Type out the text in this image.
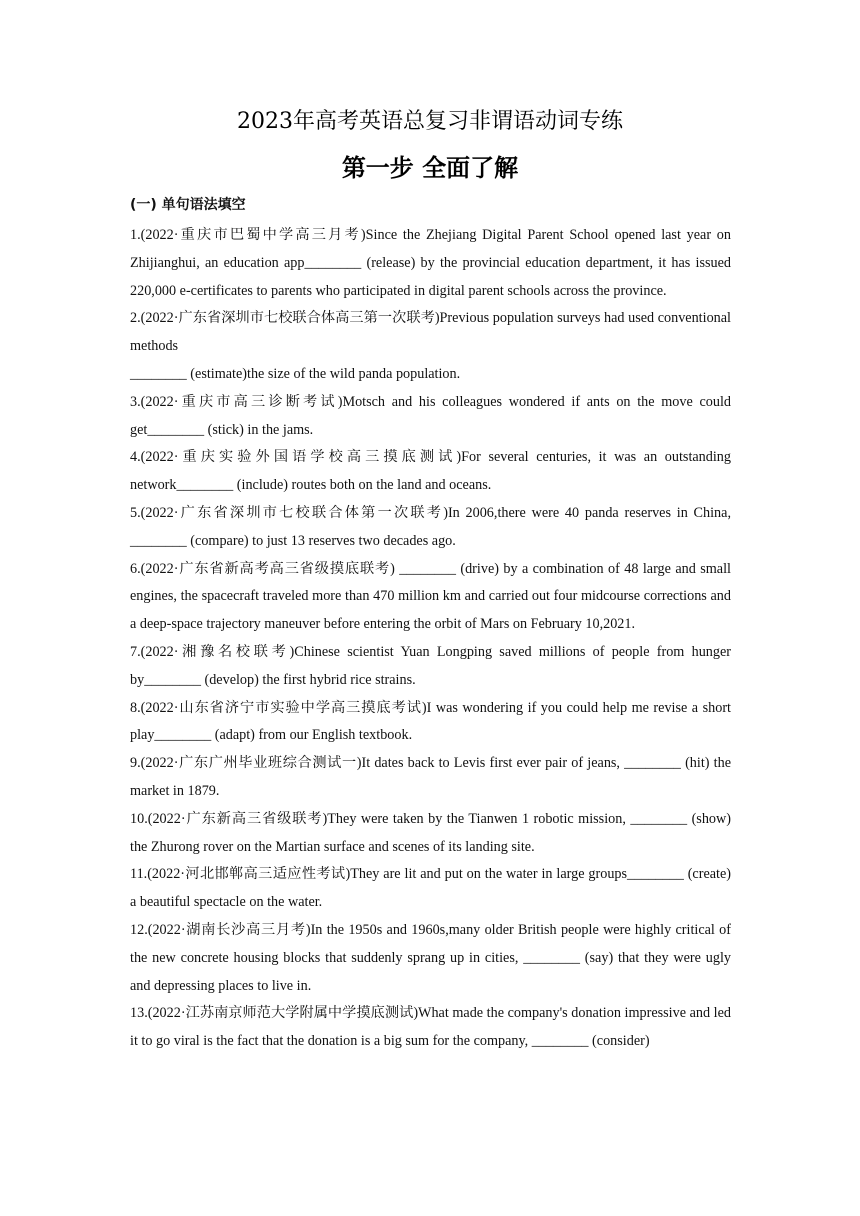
2023年高考英语总复习非谓语动词专练
第一步 全面了解
(一) 单句语法填空

1.(2022·重庆市巴蜀中学高三月考)Since the Zhejiang Digital Parent School opened last year on Zhijianghui, an education app________ (release) by the provincial education department, it has issued 220,000 e-certificates to parents who participated in digital parent schools across the province.

2.(2022·广东省深圳市七校联合体高三第一次联考)Previous population surveys had used conventional methods

________ (estimate)the size of the wild panda population.

3.(2022·重庆市高三诊断考试)Motsch and his colleagues wondered if ants on the move could get________ (stick) in the jams.

4.(2022·重庆实验外国语学校高三摸底测试)For several centuries, it was an outstanding network________ (include) routes both on the land and oceans.

5.(2022·广东省深圳市七校联合体第一次联考)In 2006,there were 40 panda reserves in China, ________ (compare) to just 13 reserves two decades ago.

6.(2022·广东省新高考高三省级摸底联考) ________ (drive) by a combination of 48 large and small engines, the spacecraft traveled more than 470 million km and carried out four midcourse corrections and a deep-space trajectory maneuver before entering the orbit of Mars on February 10,2021.

7.(2022·湘豫名校联考)Chinese scientist Yuan Longping saved millions of people from hunger by________ (develop) the first hybrid rice strains.

8.(2022·山东省济宁市实验中学高三摸底考试)I was wondering if you could help me revise a short play________ (adapt) from our English textbook.

9.(2022·广东广州毕业班综合测试一)It dates back to Levis first ever pair of jeans, ________ (hit) the market in 1879.

10.(2022·广东新高三省级联考)They were taken by the Tianwen 1 robotic mission, ________ (show) the Zhurong rover on the Martian surface and scenes of its landing site.

11.(2022·河北邯郸高三适应性考试)They are lit and put on the water in large groups________ (create) a beautiful spectacle on the water.

12.(2022·湖南长沙高三月考)In the 1950s and 1960s,many older British people were highly critical of the new concrete housing blocks that suddenly sprang up in cities, ________ (say) that they were ugly and depressing places to live in.

13.(2022·江苏南京师范大学附属中学摸底测试)What made the company's donation impressive and led it to go viral is the fact that the donation is a big sum for the company, ________ (consider)
